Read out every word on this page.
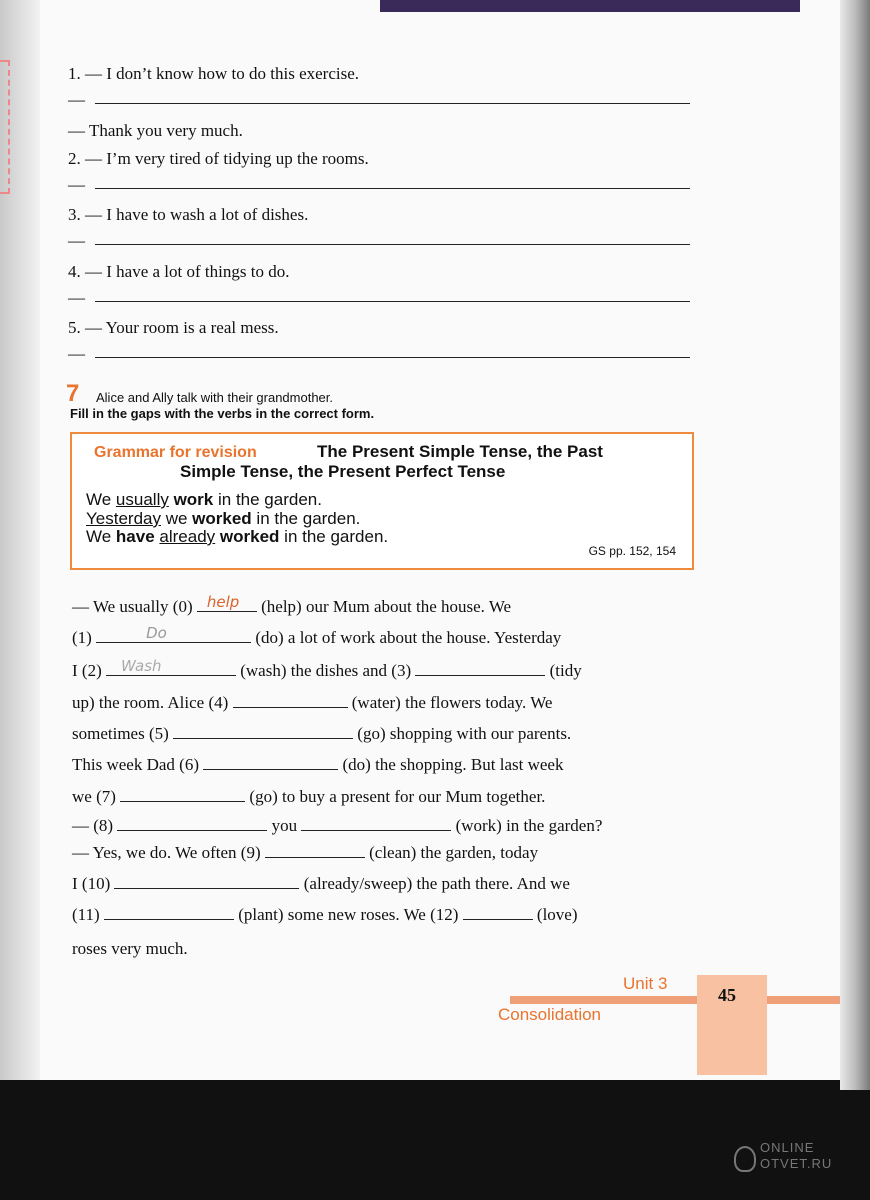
1. — I don’t know how to do this exercise.
—
— Thank you very much.
2. — I’m very tired of tidying up the rooms.
—
3. — I have to wash a lot of dishes.
—
4. — I have a lot of things to do.
—
5. — Your room is a real mess.
—
7 Alice and Ally talk with their grandmother.
Fill in the gaps with the verbs in the correct form.
Grammar for revision	The Present Simple Tense, the Past
Simple Tense, the Present Perfect Tense
We usually work in the garden.
Yesterday we worked in the garden.
We have already worked in the garden.
GS pp. 152, 154
— We usually (0) help (help) our Mum about the house. We
(1)	Do	(do) a lot of work about the house. Yesterday
I (2) Wash	(wash) the dishes and (3)	(tidy
up) the room. Alice (4)	(water) the flowers today. We
sometimes (5)	(go) shopping with our parents.
This week Dad (6)	(do) the shopping. But last week
we (7)	(go) to buy a present for our Mum together.
— (8)	you	(work) in the garden?
— Yes, we do. We often (9)	(clean) the garden, today
I (10)	(already/sweep) the path there. And we
(11)	(plant) some new roses. We (12)	(love)
roses very much.
Unit 3
Consolidation
45
ONLINE
OTVET.RU
